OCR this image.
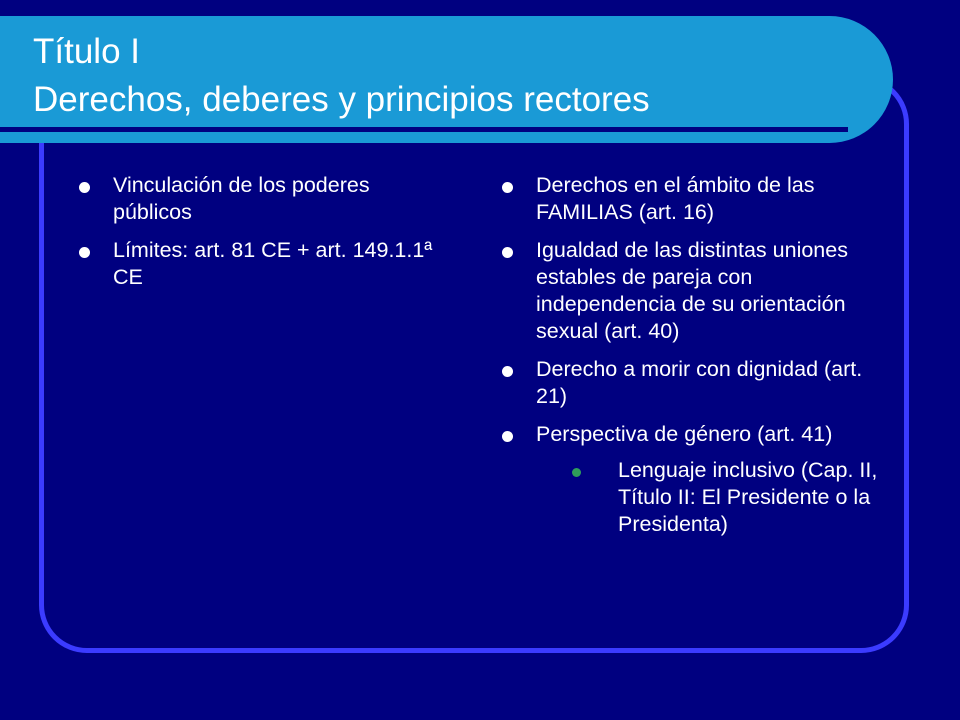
Título I
Derechos, deberes y principios rectores
Vinculación de los poderes públicos
Límites: art. 81 CE + art. 149.1.1ª CE
Derechos en el ámbito de las FAMILIAS (art. 16)
Igualdad de las distintas uniones estables de pareja con independencia de su orientación sexual (art. 40)
Derecho a morir con dignidad (art. 21)
Perspectiva de género (art. 41)
Lenguaje inclusivo (Cap. II, Título II: El Presidente o la Presidenta)
